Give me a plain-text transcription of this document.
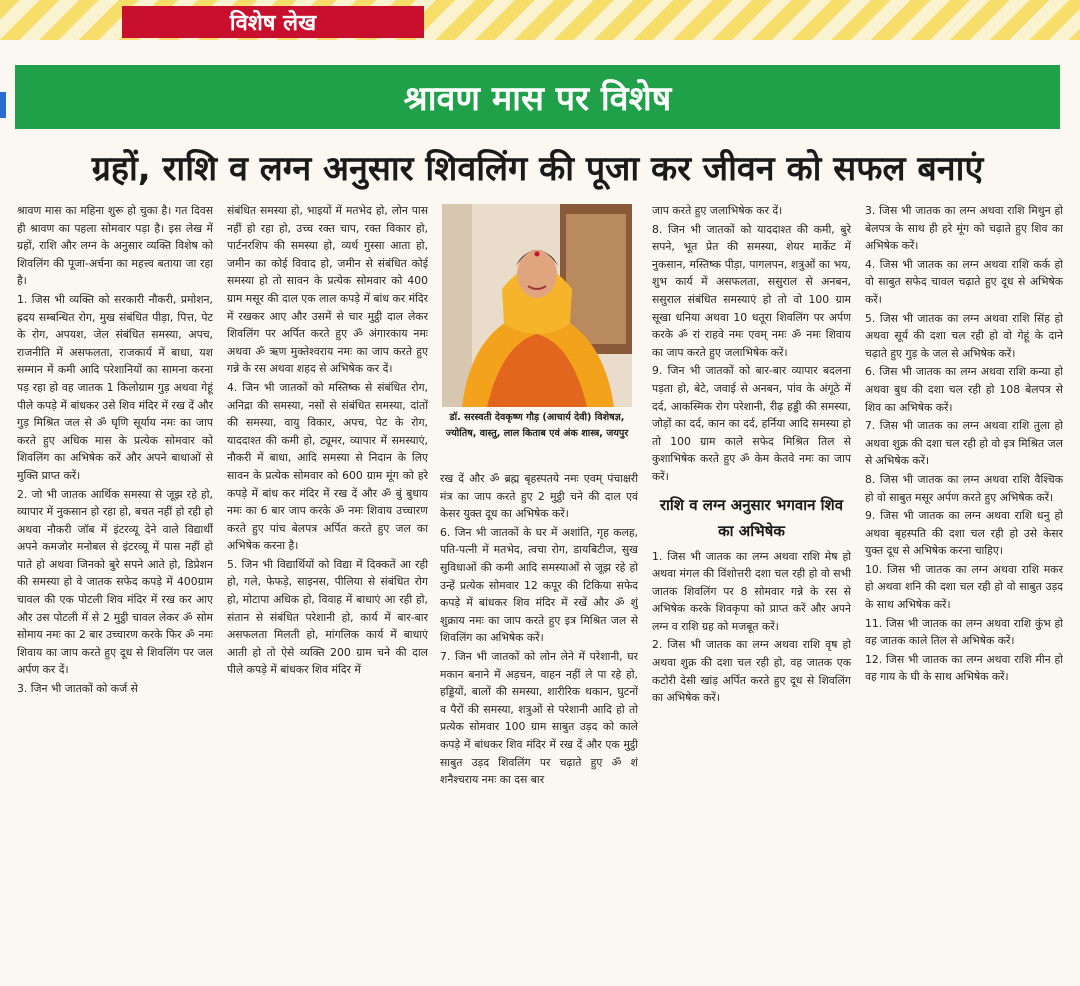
विशेष लेख
श्रावण मास पर विशेष
ग्रहों, राशि व लग्न अनुसार शिवलिंग की पूजा कर जीवन को सफल बनाएं

श्रावण मास का महिना शुरू हो चुका है। गत दिवस ही श्रावण का पहला सोमवार पड़ा है। इस लेख में ग्रहों, राशि और लग्न के अनुसार व्यक्ति विशेष को शिवलिंग की पूजा-अर्चना का महत्त्व बताया जा रहा है।

1. जिस भी व्यक्ति को सरकारी नौकरी, प्रमोशन, ह्रदय सम्बन्धित रोग, मुख संबंधित पीड़ा, पित्त, पेट के रोग, अपयश, जेल संबंधित समस्या, अपच, राजनीति में असफलता, राजकार्य में बाधा, यश सम्मान में कमी आदि परेशानियों का सामना करना पड़ रहा हो वह जातक 1 किलोग्राम गुड़ अथवा गेहूं पीले कपड़े में बांधकर उसे शिव मंदिर में रख दें और गुड़ मिश्रित जल से ॐ घृणि सूर्याय नमः का जाप करते हुए अधिक मास के प्रत्येक सोमवार को शिवलिंग का अभिषेक करें और अपने बाधाओं से मुक्ति प्राप्त करें।

2. जो भी जातक आर्थिक समस्या से जूझ रहे हो, व्यापार में नुकसान हो रहा हो, बचत नहीं हो रही हो अथवा नौकरी जॉब में इंटरव्यू देने वाले विद्यार्थी अपने कमजोर मनोबल से इंटरव्यू में पास नहीं हो पाते हो अथवा जिनको बुरे सपने आते हो, डिप्रेशन की समस्या हो वे जातक सफेद कपड़े में 400ग्राम चावल की एक पोटली शिव मंदिर में रख कर आए और उस पोटली में से 2 मुट्ठी चावल लेकर ॐ सोम सोमाय नमः का 2 बार उच्चारण करके फिर ॐ नमः शिवाय का जाप करते हुए दूध से शिवलिंग पर जल अर्पण कर दें।

3. जिन भी जातकों को कर्ज से

संबंधित समस्या हो, भाइयों में मतभेद हो, लोन पास नहीं हो रहा हो, उच्च रक्त चाप, रक्त विकार हो, पार्टनरशिप की समस्या हो, व्यर्थ गुस्सा आता हो, जमीन का कोई विवाद हो, जमीन से संबंधित कोई समस्या हो तो सावन के प्रत्येक सोमवार को 400 ग्राम मसूर की दाल एक लाल कपड़े में बांध कर मंदिर में रखकर आए और उसमें से चार मुट्ठी दाल लेकर शिवलिंग पर अर्पित करते हुए ॐ अंगारकाय नमः अथवा ॐ ऋण मुक्तेश्वराय नमः का जाप करते हुए गन्ने के रस अथवा शहद से अभिषेक कर दें।

4. जिन भी जातकों को मस्तिष्क से संबंधित रोग, अनिद्रा की समस्या, नसों से संबंधित समस्या, दांतों की समस्या, वायु विकार, अपच, पेट के रोग, याददाश्त की कमी हो, ट्यूमर, व्यापार में समस्याएं, नौकरी में बाधा, आदि समस्या से निदान के लिए सावन के प्रत्येक सोमवार को 600 ग्राम मूंग को हरे कपड़े में बांध कर मंदिर में रख दें और ॐ बुं बुधाय नमः का 6 बार जाप करके ॐ नमः शिवाय उच्चारण करते हुए पांच बेलपत्र अर्पित करते हुए जल का अभिषेक करना है।

5. जिन भी विद्यार्थियों को विद्या में दिक्कतें आ रही हो, गले, फेफड़े, साइनस, पीलिया से संबंधित रोग हो, मोटापा अधिक हो, विवाह में बाधाएं आ रही हो, संतान से संबंधित परेशानी हो, कार्य में बार-बार असफलता मिलती हो, मांगलिक कार्य में बाधाएं आती हो तो ऐसे व्यक्ति 200 ग्राम चने की दाल पीले कपड़े में बांधकर शिव मंदिर में

डॉ. सरस्वती देवकृष्ण गौड़ (आचार्य देवी) विशेषज्ञ, ज्योतिष, वास्तु, लाल किताब एवं अंक शास्त्र, जयपुर

रख दें और ॐ ब्रह्म बृहस्पतये नमः एवम् पंचाक्षरी मंत्र का जाप करते हुए 2 मुट्ठी चने की दाल एवं केसर युक्त दूध का अभिषेक करें।

6. जिन भी जातकों के घर में अशांति, गृह कलह, पति-पत्नी में मतभेद, त्वचा रोग, डायबिटीज, सुख सुविधाओं की कमी आदि समस्याओं से जूझ रहे हो उन्हें प्रत्येक सोमवार 12 कपूर की टिकिया सफेद कपड़े में बांधकर शिव मंदिर में रखें और ॐ शुं शुक्राय नमः का जाप करते हुए इत्र मिश्रित जल से शिवलिंग का अभिषेक करें।

7. जिन भी जातकों को लोन लेने में परेशानी, घर मकान बनाने में अड़चन, वाहन नहीं ले पा रहे हो, हड्डियों, बालों की समस्या, शारीरिक थकान, घुटनों व पैरों की समस्या, शत्रुओं से परेशानी आदि हो तो प्रत्येक सोमवार 100 ग्राम साबुत उड़द को काले कपड़े में बांधकर शिव मंदिर में रख दें और एक मुट्ठी साबुत उड़द शिवलिंग पर चढ़ाते हुए ॐ शं शनैश्चराय नमः का दस बार

जाप करते हुए जलाभिषेक कर दें।

8. जिन भी जातकों को याददाश्त की कमी, बुरे सपने, भूत प्रेत की समस्या, शेयर मार्केट में नुकसान, मस्तिष्क पीड़ा, पागलपन, शत्रुओं का भय, शुभ कार्य में असफलता, ससुराल से अनबन, ससुराल संबंधित समस्याएं हो तो वो 100 ग्राम सूखा धनिया अथवा 10 धतूरा शिवलिंग पर अर्पण करके ॐ रां राहवे नमः एवम् नमः ॐ नमः शिवाय का जाप करते हुए जलाभिषेक करें।

9. जिन भी जातकों को बार-बार व्यापार बदलना पड़ता हो, बेटे, जवाई से अनबन, पांव के अंगूठे में दर्द, आकस्मिक रोग परेशानी, रीढ़ हड्डी की समस्या, जोड़ों का दर्द, कान का दर्द, हर्निया आदि समस्या हो तो 100 ग्राम काले सफेद मिश्रित तिल से कुशाभिषेक करते हुए ॐ केम केतवे नमः का जाप करें।

राशि व लग्न अनुसार भगवान शिव का अभिषेक

1. जिस भी जातक का लग्न अथवा राशि मेष हो अथवा मंगल की विंशोत्तरी दशा चल रही हो वो सभी जातक शिवलिंग पर 8 सोमवार गन्ने के रस से अभिषेक करके शिवकृपा को प्राप्त करें और अपने लग्न व राशि ग्रह को मजबूत करें।

2. जिस भी जातक का लग्न अथवा राशि वृष हो अथवा शुक्र की दशा चल रही हो, वह जातक एक कटोरी देसी खांड़ अर्पित करते हुए दूध से शिवलिंग का अभिषेक करें।

3. जिस भी जातक का लग्न अथवा राशि मिथुन हो बेलपत्र के साथ ही हरे मूंग को चढ़ाते हुए शिव का अभिषेक करें।

4. जिस भी जातक का लग्न अथवा राशि कर्क हो वो साबुत सफेद चावल चढ़ाते हुए दूध से अभिषेक करें।

5. जिस भी जातक का लग्न अथवा राशि सिंह हो अथवा सूर्य की दशा चल रही हो वो गेहूं के दाने चढ़ाते हुए गुड़ के जल से अभिषेक करें।

6. जिस भी जातक का लग्न अथवा राशि कन्या हो अथवा बुध की दशा चल रही हो 108 बेलपत्र से शिव का अभिषेक करें।

7. जिस भी जातक का लग्न अथवा राशि तुला हो अथवा शुक्र की दशा चल रही हो वो इत्र मिश्रित जल से अभिषेक करें।

8. जिस भी जातक का लग्न अथवा राशि वैश्चिक हो वो साबुत मसूर अर्पण करते हुए अभिषेक करें।

9. जिस भी जातक का लग्न अथवा राशि धनु हो अथवा बृहस्पति की दशा चल रही हो उसे केसर युक्त दूध से अभिषेक करना चाहिए।

10. जिस भी जातक का लग्न अथवा राशि मकर हो अथवा शनि की दशा चल रही हो वो साबुत उड़द के साथ अभिषेक करें।

11. जिस भी जातक का लग्न अथवा राशि कुंभ हो वह जातक काले तिल से अभिषेक करें।

12. जिस भी जातक का लग्न अथवा राशि मीन हो वह गाय के घी के साथ अभिषेक करें।
